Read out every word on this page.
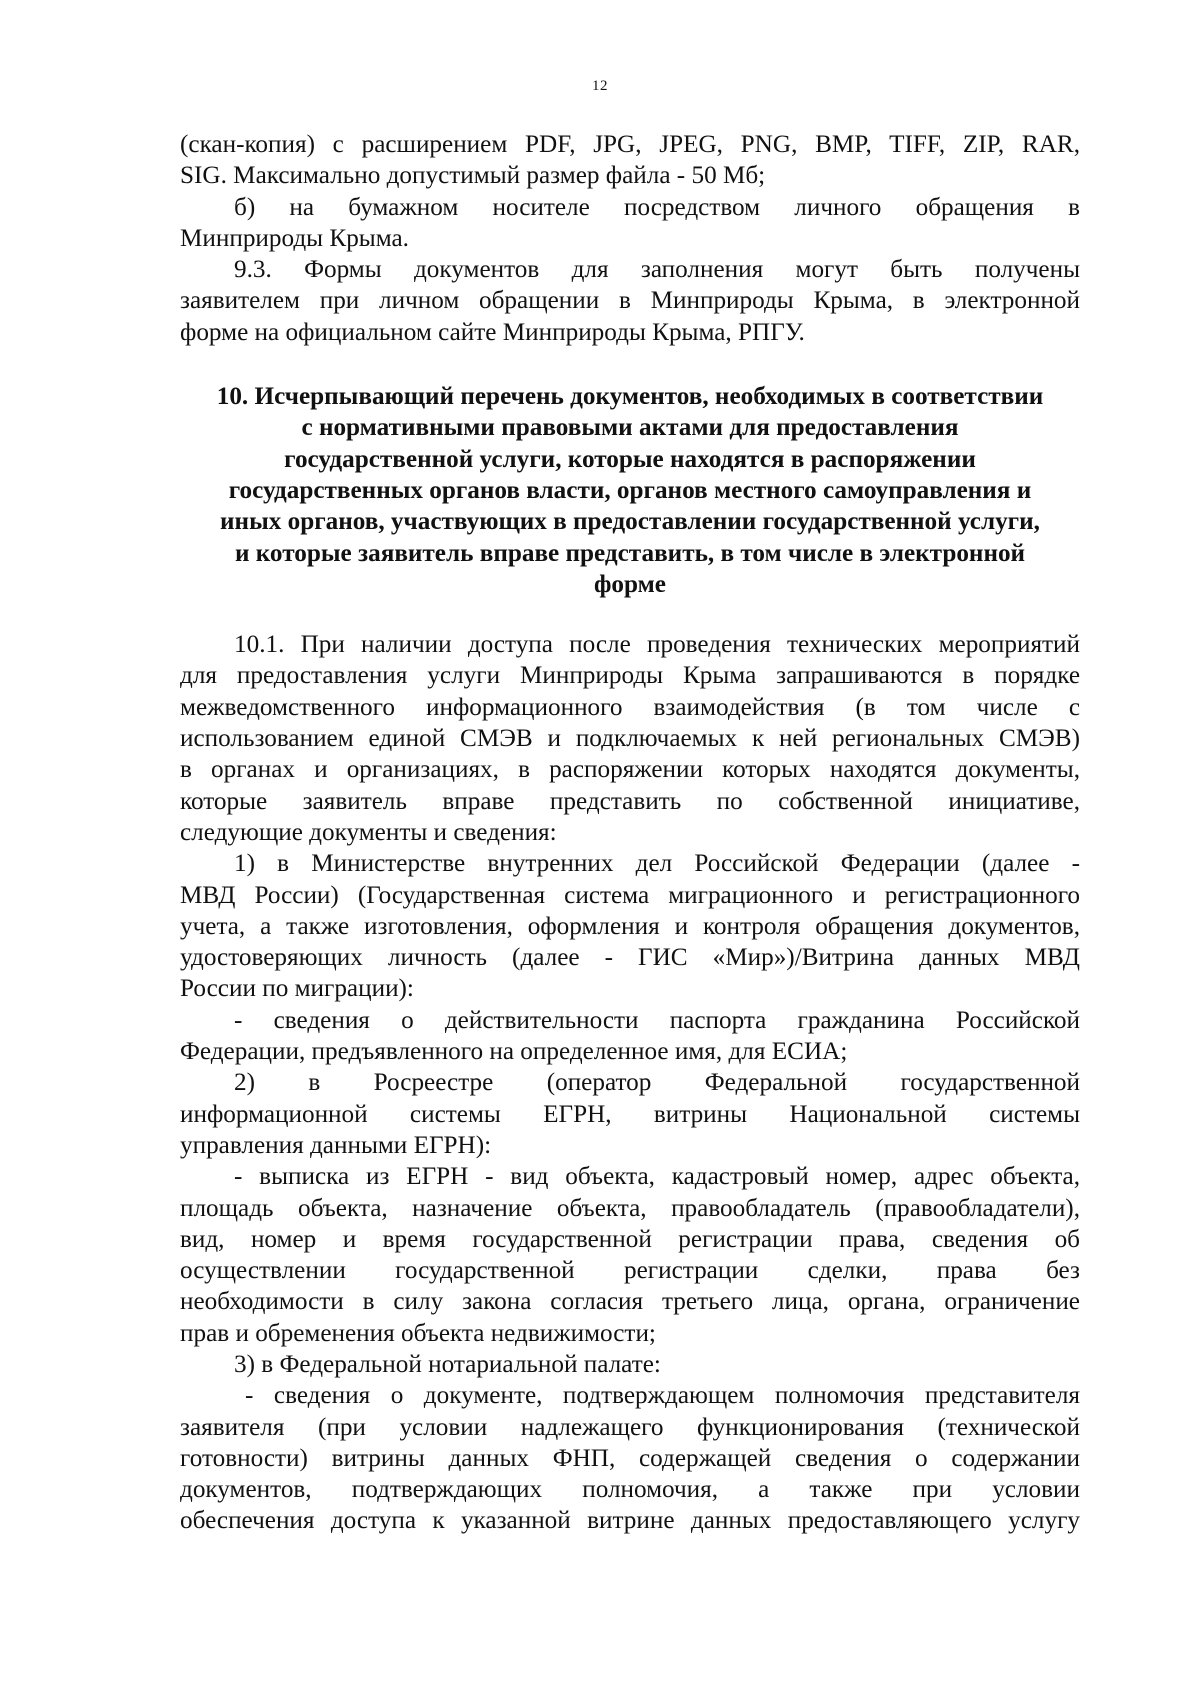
12

(скан-копия) с расширением PDF, JPG, JPEG, PNG, BMP, TIFF, ZIP, RAR,

SIG. Максимально допустимый размер файла - 50 Мб;

б) на бумажном носителе посредством личного обращения в

Минприроды Крыма.

9.3. Формы документов для заполнения могут быть получены

заявителем при личном обращении в Минприроды Крыма, в электронной

форме на официальном сайте Минприроды Крыма, РПГУ.

10. Исчерпывающий перечень документов, необходимых в соответствии
с нормативными правовыми актами для предоставления
государственной услуги, которые находятся в распоряжении
государственных органов власти, органов местного самоуправления и
иных органов, участвующих в предоставлении государственной услуги,
и которые заявитель вправе представить, в том числе в электронной
форме

10.1. При наличии доступа после проведения технических мероприятий

для предоставления услуги Минприроды Крыма запрашиваются в порядке

межведомственного информационного взаимодействия (в том числе с

использованием единой СМЭВ и подключаемых к ней региональных СМЭВ)

в органах и организациях, в распоряжении которых находятся документы,

которые заявитель вправе представить по собственной инициативе,

следующие документы и сведения:

1) в Министерстве внутренних дел Российской Федерации (далее -

МВД России) (Государственная система миграционного и регистрационного

учета, а также изготовления, оформления и контроля обращения документов,

удостоверяющих личность (далее - ГИС «Мир»)/Витрина данных МВД

России по миграции):

- сведения о действительности паспорта гражданина Российской

Федерации, предъявленного на определенное имя, для ЕСИА;

2) в Росреестре (оператор Федеральной государственной

информационной системы ЕГРН, витрины Национальной системы

управления данными ЕГРН):

- выписка из ЕГРН - вид объекта, кадастровый номер, адрес объекта,

площадь объекта, назначение объекта, правообладатель (правообладатели),

вид, номер и время государственной регистрации права, сведения об

осуществлении государственной регистрации сделки, права без

необходимости в силу закона согласия третьего лица, органа, ограничение

прав и обременения объекта недвижимости;

3) в Федеральной нотариальной палате:

- сведения о документе, подтверждающем полномочия представителя

заявителя (при условии надлежащего функционирования (технической

готовности) витрины данных ФНП, содержащей сведения о содержании

документов, подтверждающих полномочия, а также при условии

обеспечения доступа к указанной витрине данных предоставляющего услугу
